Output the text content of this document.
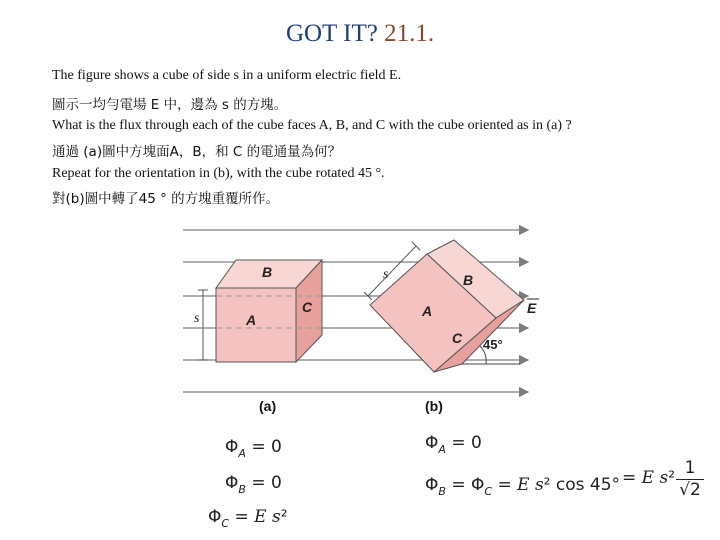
GOT IT? 21.1.
The figure shows a cube of side s in a uniform electric field E.
圖示一均勻電場 E 中，邊為 s 的方塊。
What is the flux through each of the cube faces A, B, and C with the cube oriented as in (a) ?
通過 (a)圖中方塊面A，B，和 C 的電通量為何？
Repeat for the orientation in (b), with the cube rotated 45 °.
對(b)圖中轉了45 ° 的方塊重覆所作。
B
C
A
s
B
A
C
s
45°
E
(a)	(b)
$\Phi_A = 0$
$\Phi_B = 0$
$\Phi_C = E$ s²
$\Phi_A = 0$
$\Phi_B = \Phi_C = E$ s² cos 45° = E s² 1
√2
